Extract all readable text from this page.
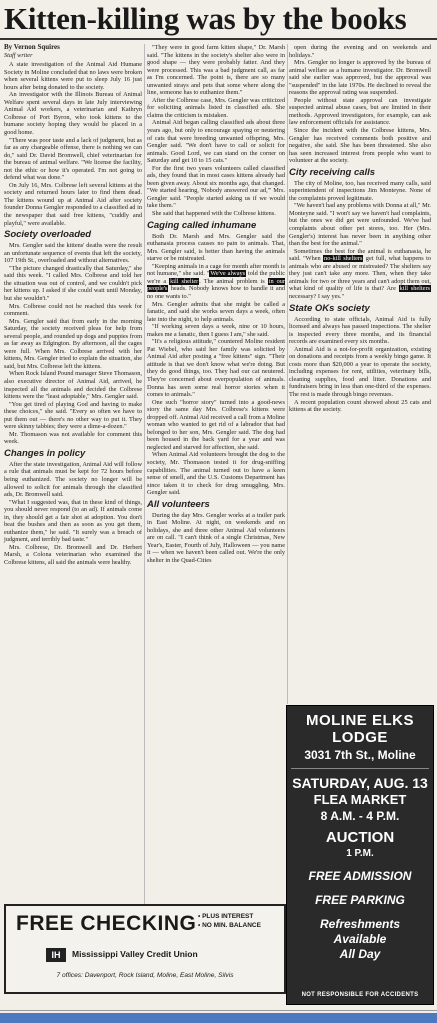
Kitten-killing was by the books

By Vernon Squires

Staff writer

A state investigation of the Animal Aid Humane Society in Moline concluded that no laws were broken when several kittens were put to sleep July 16 just hours after being donated to the society.

An investigator with the Illinois Bureau of Animal Welfare spent several days in late July interviewing Animal Aid workers, a veterinarian and Kathryn Colbrese of Port Byron, who took kittens to the humane society hoping they would be placed in a good home.

"There was poor taste and a lack of judgment, but as far as any chargeable offense, there is nothing we can do," said Dr. David Bromwell, chief veterinarian for the bureau of animal welfare. "We license the facility, not the ethic or how it's operated. I'm not going to defend what was done."

On July 16, Mrs. Colbrese left several kittens at the society and returned hours later to find them dead. The kittens wound up at Animal Aid after society founder Donna Gengler responded to a classified ad in the newspaper that said free kittens, "cuddly and playful," were available.

Society overloaded

Mrs. Gengler said the kittens' deaths were the result an unfortunate sequence of events that left the society, 107 19th St., overloaded and without alternatives.

"The picture changed drastically that Saturday," she said this week. "I called Mrs. Colbrese and told her the situation was out of control, and we couldn't pick her kittens up. I asked if she could wait until Monday, but she wouldn't."

Mrs. Colbrese could not be reached this week for comment.

Mrs. Gengler said that from early in the morning Saturday, the society received pleas for help from several people, and rounded up dogs and puppies from as far away as Edgington. By afternoon, all the cages were full. When Mrs. Colbrese arrived with her kittens, Mrs. Gengler tried to explain the situation, she said, but Mrs. Colbrese left the kittens.

When Rock Island Pound manager Steve Thomason, also executive director of Animal Aid, arrived, he inspected all the animals and decided the Colbrese kittens were the "least adoptable," Mrs. Gengler said.

"You get tired of playing God and having to make these choices," she said. "Every so often we have to put them out — there's no other way to put it. They were skinny tabbies; they were a dime-a-dozen."

Mr. Thomason was not available for comment this week.

Changes in policy

After the state investigation, Animal Aid will follow a rule that animals must be kept for 72 hours before being euthanized. The society no longer will be allowed to solicit for animals through the classified ads, Dr. Bromwell said.

"What I suggested was, that in these kind of things, you should never respond (to an ad). If animals come in, they should get a fair shot at adoption. You don't beat the bushes and then as soon as you get them, euthanize them," he said. "It surely was a breach of judgment, and terribly bad taste."

Mrs. Colbrese, Dr. Bromwell and Dr. Herbert Marsh, a Colona veterinarian who examined the Colbrese kittens, all said the animals were healthy.

"They were in good farm kitten shape," Dr. Marsh said. "The kittens in the society's shelter also were in good shape — they were probably fatter. And they were processed. This was a bad judgment call, as far as I'm concerned. The point is, there are so many unwanted strays and pets that some where along the line, someone has to euthanize them."

After the Colbrese case, Mrs. Gengler was criticized for soliciting animals listed in classified ads. She claims the criticism is mistaken.

Animal Aid began calling classified ads about three years ago, but only to encourage spaying or neutering of cats that were breeding unwanted offspring, Mrs. Gengler said. "We don't have to call or solicit for animals. Good Lord, we can stand on the corner on Saturday and get 10 to 15 cats."

For the first two years volunteers called classified ads, they found that in most cases kittens already had been given away. About six months ago, that changed. "We started hearing, 'Nobody answered our ad,'" Mrs. Gengler said. "People started asking us if we would take them."

She said that happened with the Colbrese kittens.

Caging called inhumane

Both Dr. Marsh and Mrs. Gengler said the euthanasia process causes no pain to animals. That, Mrs. Gengler said, is better than having the animals starve or be mistreated.

"Keeping animals in a cage for month after month is not humane," she said. "We've always told the public we're a kill shelter. The animal problem is in our people's heads. Nobody knows how to handle it and no one wants to."

Mrs. Gengler admits that she might be called a fanatic, and said she works seven days a week, often late into the night, to help animals.

"If working seven days a week, nine or 10 hours, makes me a fanatic, then I guess I am," she said.

"It's a religious attitude," countered Moline resident Pat Wiebel, who said her family was solicited by Animal Aid after posting a "free kittens" sign. "Their attitude is that we don't know what we're doing. But they do good things, too. They had our cat neutered. They're concerned about overpopulation of animals. Donna has seen some real horror stories when it comes to animals."

One such "horror story" turned into a good-news story the same day Mrs. Colbrese's kittens were dropped off. Animal Aid received a call from a Moline woman who wanted to get rid of a labrador that had belonged to her son, Mrs. Gengler said. The dog had been housed in the back yard for a year and was neglected and starved for affection, she said.

When Animal Aid volunteers brought the dog to the society, Mr. Thomason tested it for drug-sniffing capabilities. The animal turned out to have a keen sense of smell, and the U.S. Customs Department has since taken it to check for drug smuggling, Mrs. Gengler said.

All volunteers

During the day Mrs. Gengler works at a trailer park in East Moline. At night, on weekends and on holidays, she and three other Animal Aid volunteers are on call. "I can't think of a single Christmas, New Year's, Easter, Fourth of July, Halloween — you name it — when we haven't been called out. We're the only shelter in the Quad-Cities

open during the evening and on weekends and holidays."

Mrs. Gengler no longer is approved by the bureau of animal welfare as a humane investigator. Dr. Bromwell said she earlier was approved, but the approval was "suspended" in the late 1970s. He declined to reveal the reasons the approval rating was suspended.

People without state approval can investigate suspected animal abuse cases, but are limited in their methods. Approved investigators, for example, can ask law enforcement officials for assistance.

Since the incident with the Colbrese kittens, Mrs. Gengler has received comments both positive and negative, she said. She has been threatened. She also has seen increased interest from people who want to volunteer at the society.

City receiving calls

The city of Moline, too, has received many calls, said superintendent of inspections Jim Monteyne. None of the complaints proved legitimate.

"We haven't had any problems with Donna at all," Mr. Monteyne said. "I won't say we haven't had complaints, but the ones we did get were unfounded. We've had complaints about other pet stores, too. Her (Mrs. Gengler's) interest has never been in anything other than the best for the animal."

Sometimes the best for the animal is euthanasia, he said. "When no-kill shelters get full, what happens to animals who are abused or mistreated? The shelters say they just can't take any more. Then, when they take animals for two or three years and can't adopt them out, what kind of quality of life is that? Are kill shelters necessary? I say yes."

State OKs society

According to state officials, Animal Aid is fully licensed and always has passed inspections. The shelter is inspected every three months, and its financial records are examined every six months.

Animal Aid is a not-for-profit organization, existing on donations and receipts from a weekly bingo game. It costs more than $20,000 a year to operate the society, including expenses for rent, utilities, veterinary bills, cleaning supplies, food and litter. Donations and fundraisers bring in less than one-third of the expenses. The rest is made through bingo revenues.

A recent population count showed about 25 cats and kittens at the society.

MOLINE ELKS LODGE
3031 7th St., Moline
SATURDAY, AUG. 13
FLEA MARKET
8 A.M. - 4 P.M.
AUCTION
1 P.M.
FREE ADMISSION
FREE PARKING
Refreshments
Available
All Day
NOT RESPONSIBLE FOR ACCIDENTS
FREE CHECKING • PLUS INTEREST
• NO MIN. BALANCE
IH	Mississippi Valley Credit Union
7 offices: Davenport, Rock Island, Moline, East Moline, Silvis
